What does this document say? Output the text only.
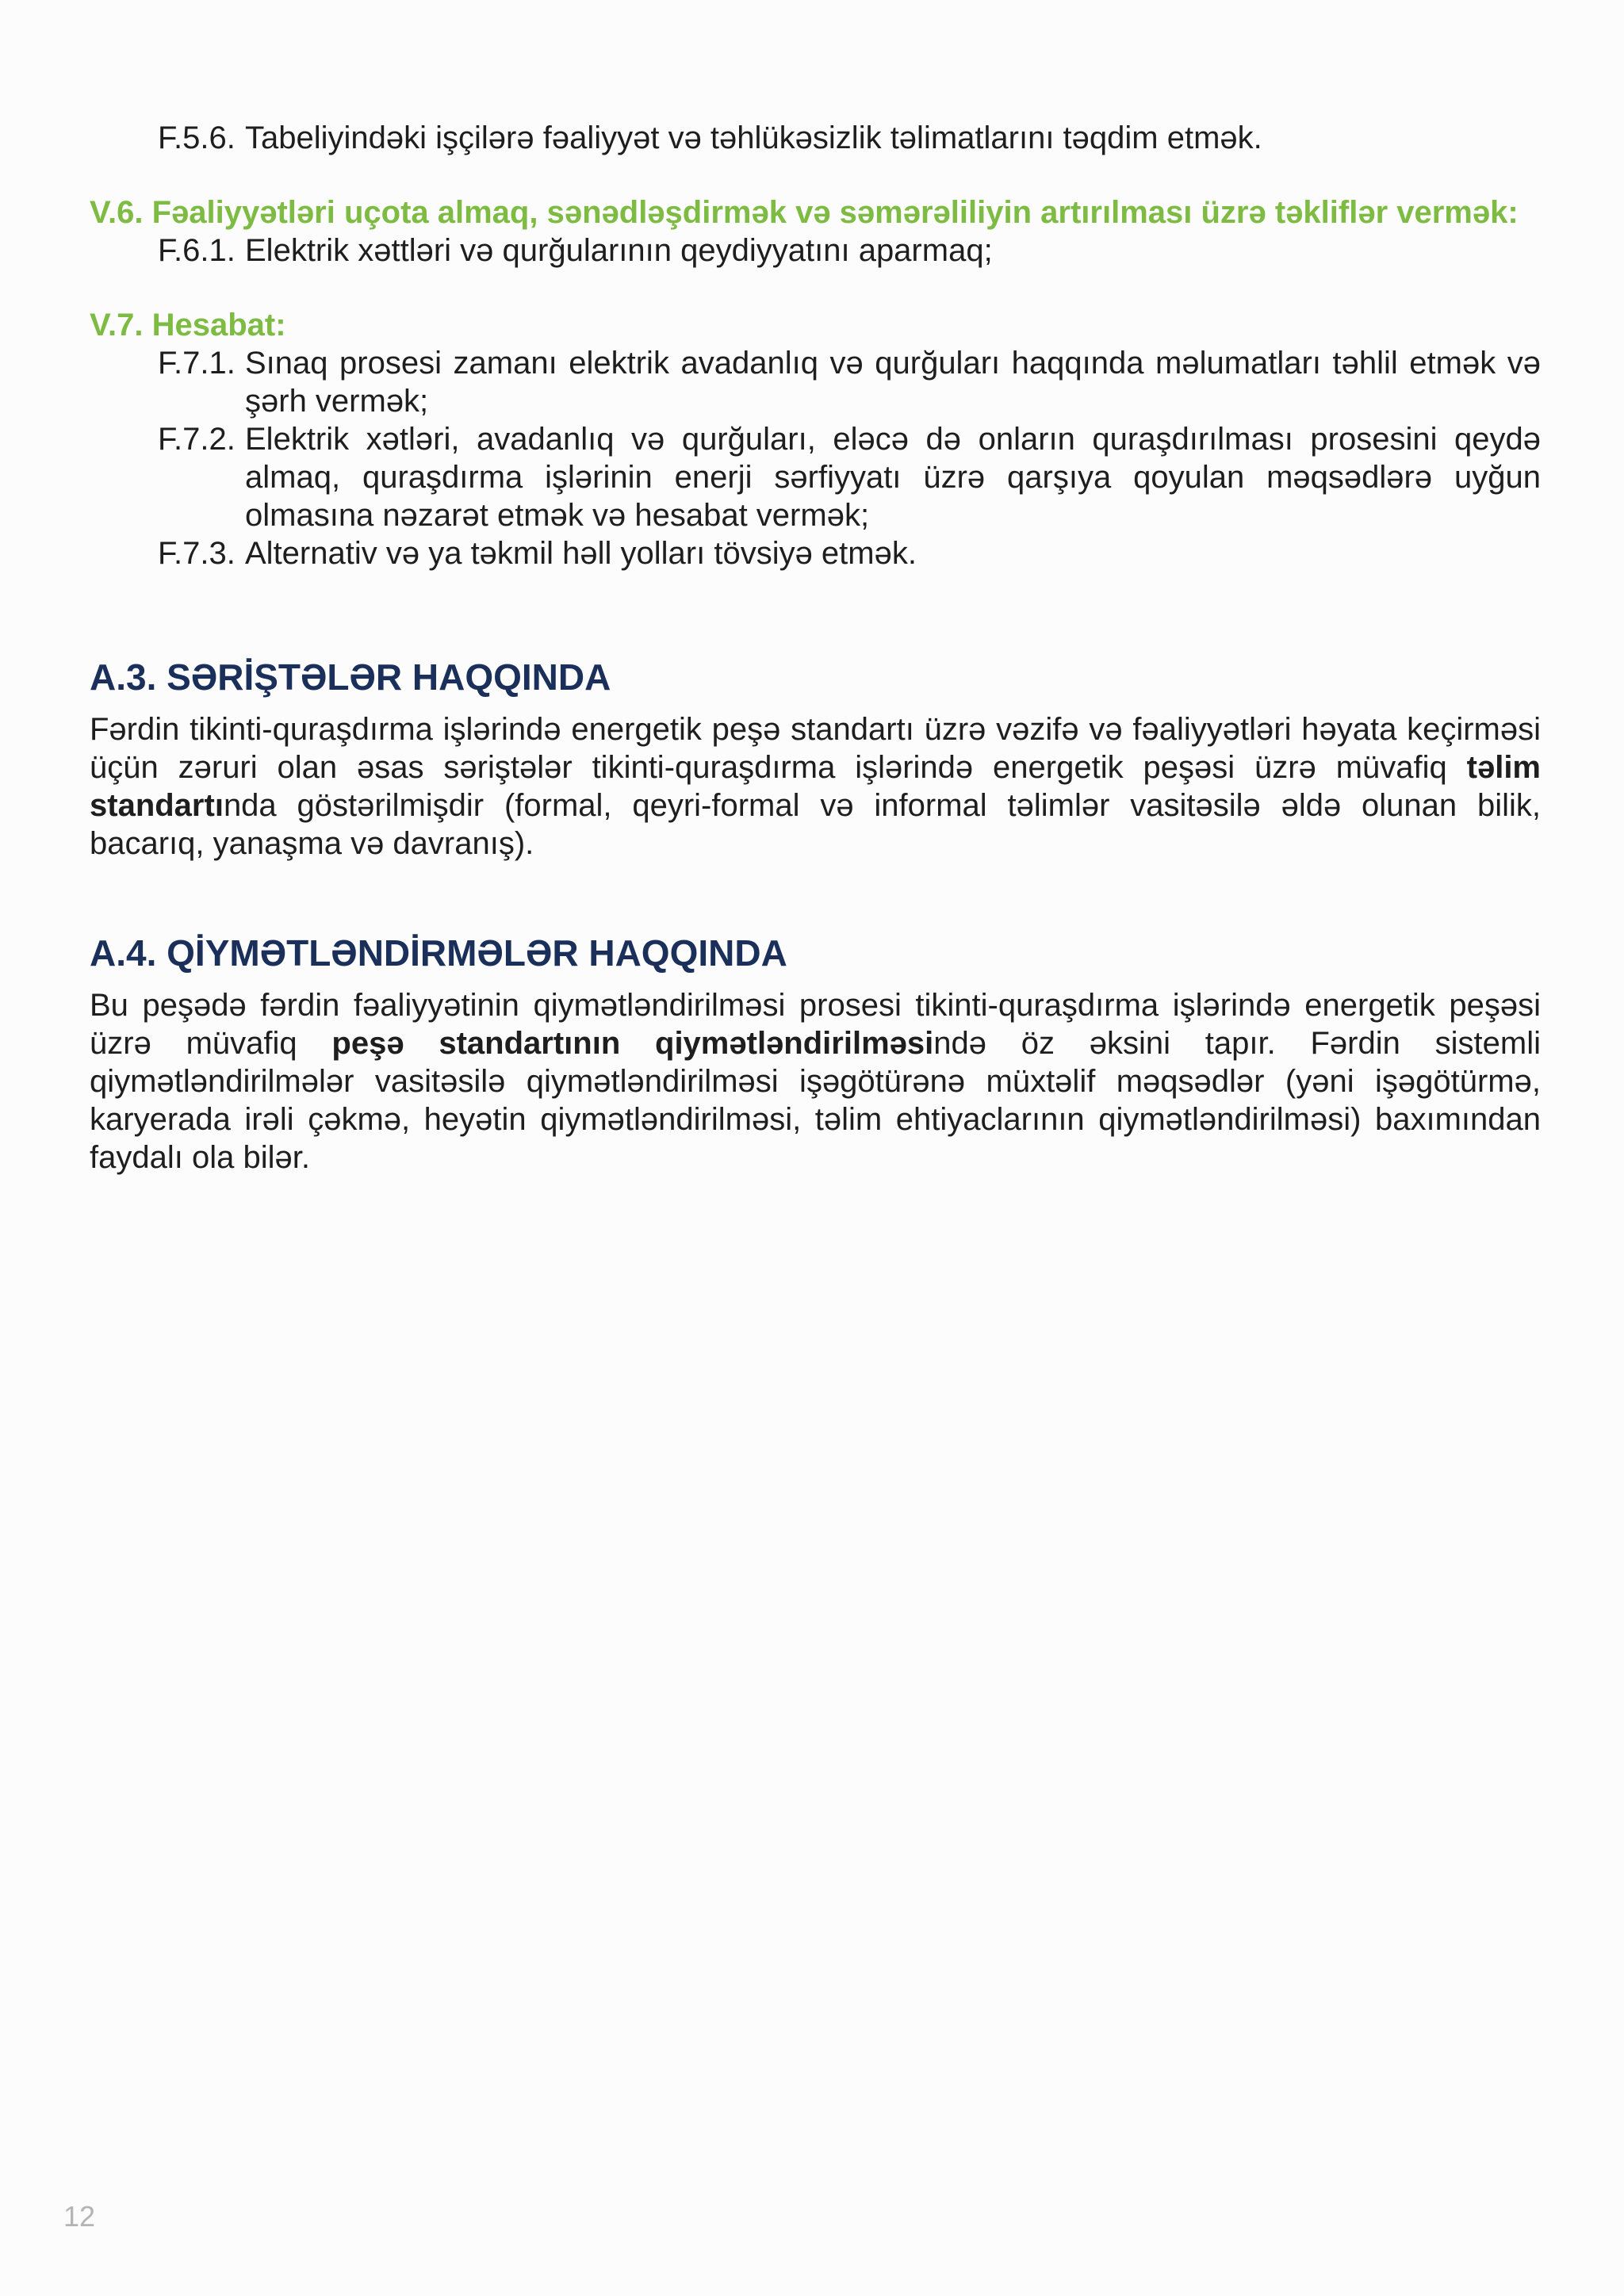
F.5.6. Tabeliyindəki işçilərə fəaliyyət və təhlükəsizlik təlimatlarını təqdim etmək.
V.6. Fəaliyyətləri uçota almaq, sənədləşdirmək və səmərəliliyin artırılması üzrə təkliflər vermək:
F.6.1. Elektrik xəttləri və qurğularının qeydiyyatını aparmaq;
V.7. Hesabat:
F.7.1. Sınaq prosesi zamanı elektrik avadanlıq və qurğuları haqqında məlumatları təhlil etmək və şərh vermək;
F.7.2. Elektrik xətləri, avadanlıq və qurğuları, eləcə də onların quraşdırılması prosesini qeydə almaq, quraşdırma işlərinin enerji sərfiyyatı üzrə qarşıya qoyulan məqsədlərə uyğun olmasına nəzarət etmək və hesabat vermək;
F.7.3. Alternativ və ya təkmil həll yolları tövsiyə etmək.
A.3. SƏRİŞTƏLƏR HAQQINDA
Fərdin tikinti-quraşdırma işlərində energetik peşə standartı üzrə vəzifə və fəaliyyətləri həyata keçirməsi üçün zəruri olan əsas səriştələr tikinti-quraşdırma işlərində energetik peşəsi üzrə müvafiq təlim standartında göstərilmişdir (formal, qeyri-formal və informal təlimlər vasitəsilə əldə olunan bilik, bacarıq, yanaşma və davranış).
A.4. QİYMƏTLƏNDİRMƏLƏR HAQQINDA
Bu peşədə fərdin fəaliyyətinin qiymətləndirilməsi prosesi tikinti-quraşdırma işlərində energetik peşəsi üzrə müvafiq peşə standartının qiymətləndirilməsində öz əksini tapır. Fərdin sistemli qiymətləndirilmələr vasitəsilə qiymətləndirilməsi işəgötürənə müxtəlif məqsədlər (yəni işəgötürmə, karyerada irəli çəkmə, heyətin qiymətləndirilməsi, təlim ehtiyaclarının qiymətləndirilməsi) baxımından faydalı ola bilər.
12
